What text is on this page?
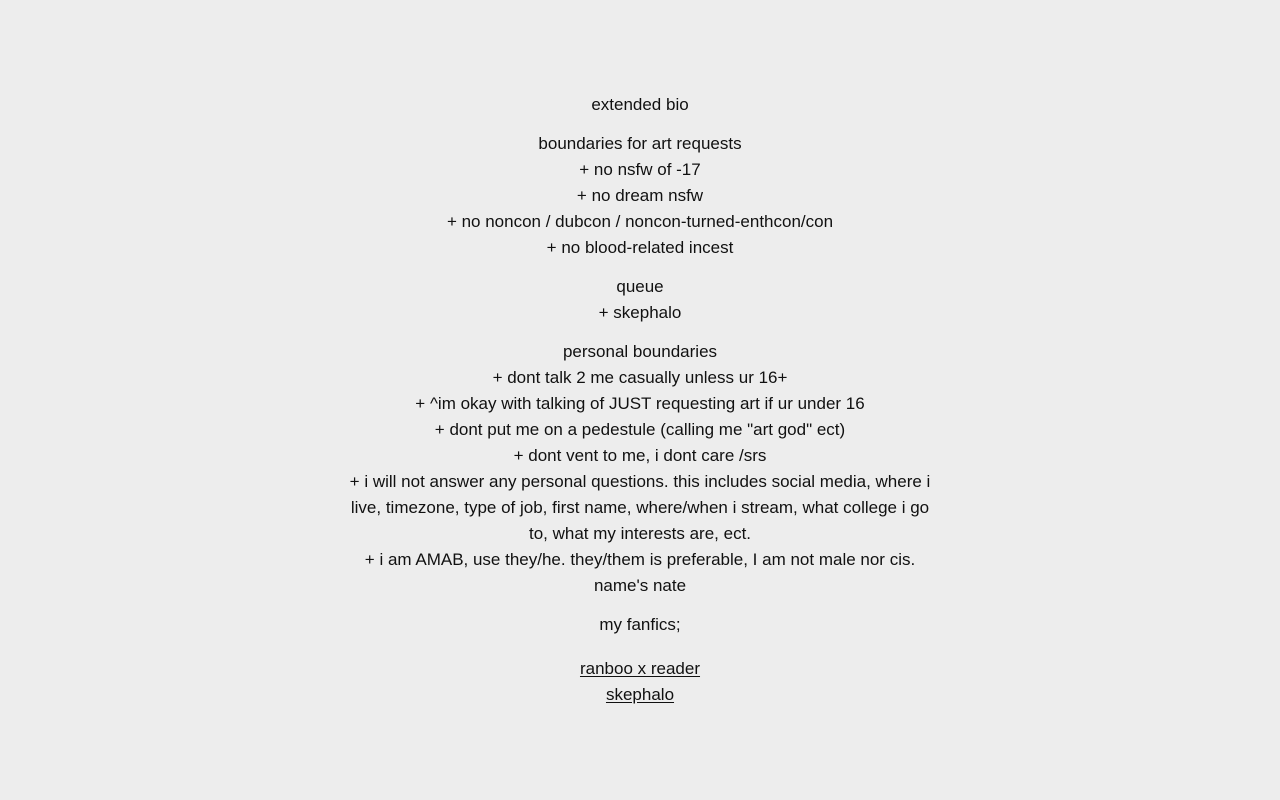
extended bio
boundaries for art requests
+ no nsfw of -17
+ no dream nsfw
+ no noncon / dubcon / noncon-turned-enthcon/con
+ no blood-related incest
queue
+ skephalo
personal boundaries
+ dont talk 2 me casually unless ur 16+
+ ^im okay with talking of JUST requesting art if ur under 16
+ dont put me on a pedestule (calling me "art god" ect)
+ dont vent to me, i dont care /srs
+ i will not answer any personal questions. this includes social media, where i live, timezone, type of job, first name, where/when i stream, what college i go to, what my interests are, ect.
+ i am AMAB, use they/he. they/them is preferable, I am not male nor cis.
name's nate
my fanfics;
ranboo x reader
skephalo
